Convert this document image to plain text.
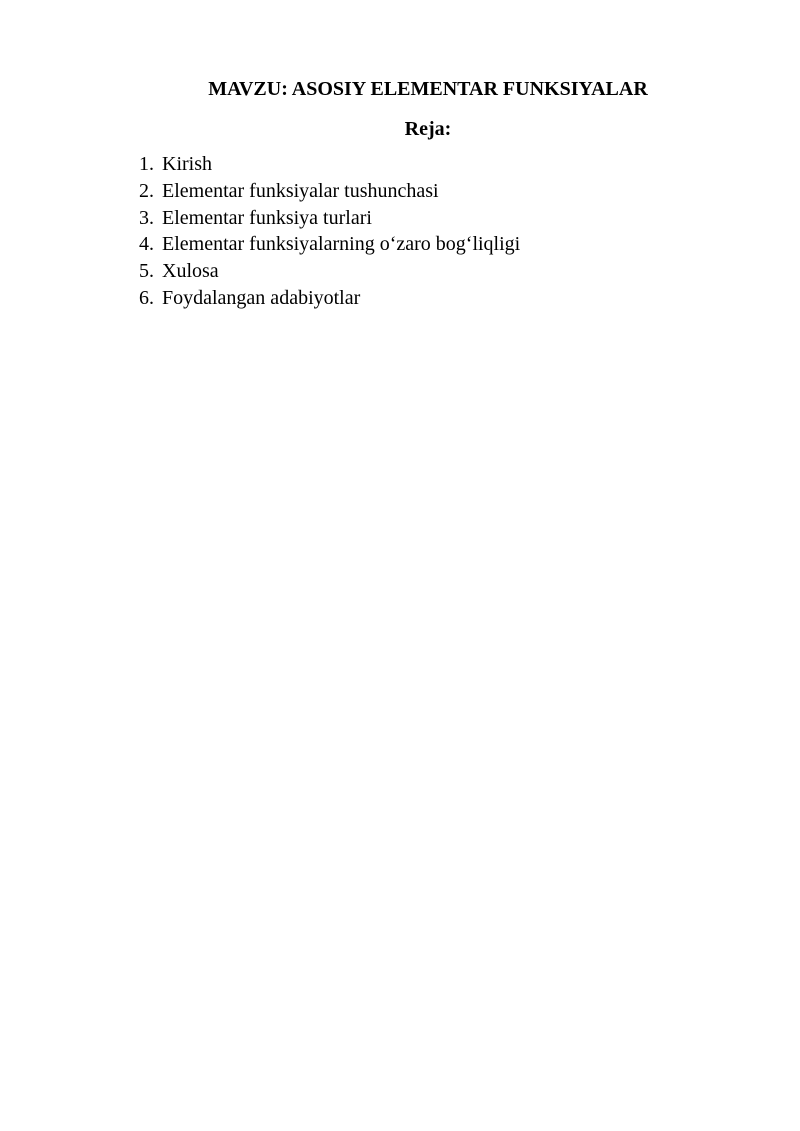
MAVZU: ASOSIY ELEMENTAR FUNKSIYALAR
Reja:
1. Kirish
2. Elementar funksiyalar tushunchasi
3. Elementar funksiya turlari
4. Elementar funksiyalarning o‘zaro bog‘liqligi
5. Xulosa
6. Foydalangan adabiyotlar
